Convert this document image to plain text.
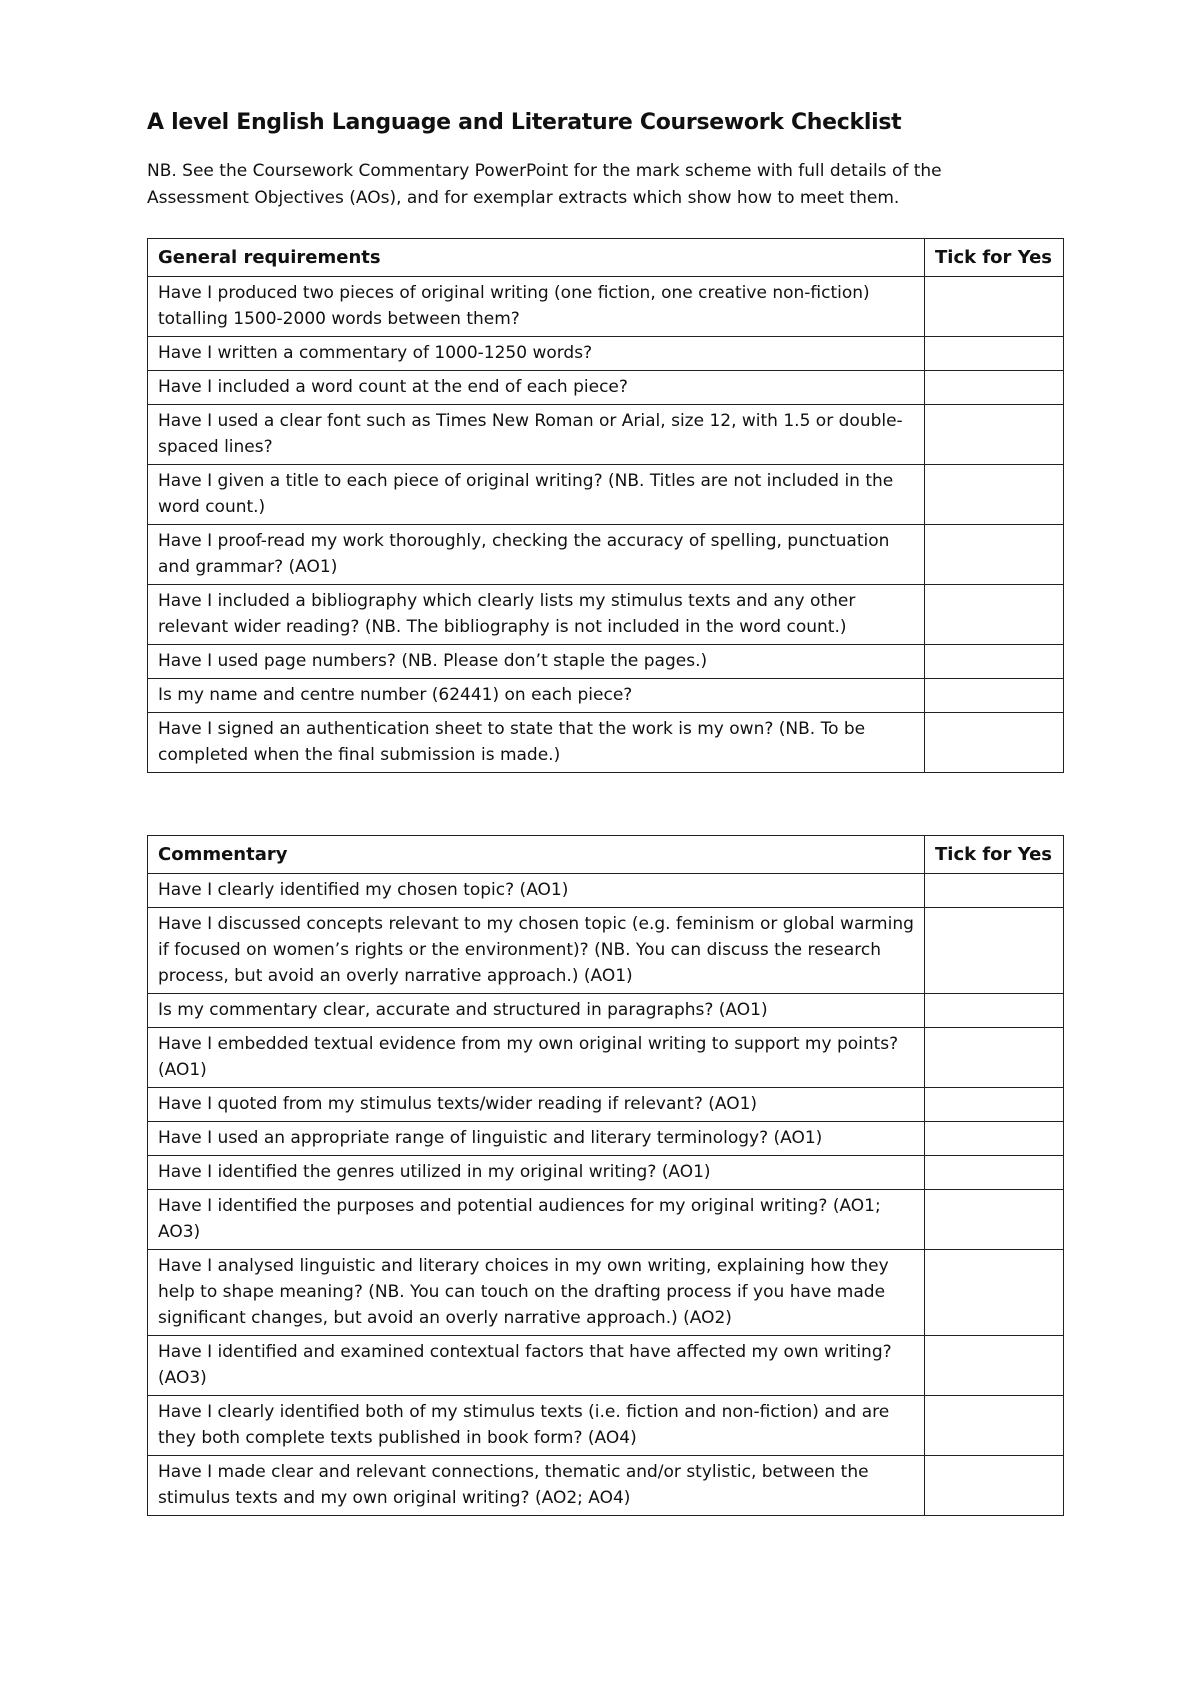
A level English Language and Literature Coursework Checklist
NB. See the Coursework Commentary PowerPoint for the mark scheme with full details of the Assessment Objectives (AOs), and for exemplar extracts which show how to meet them.
General requirements	Tick for Yes
Have I produced two pieces of original writing (one fiction, one creative non-fiction) totalling 1500-2000 words between them?	
Have I written a commentary of 1000-1250 words?	
Have I included a word count at the end of each piece?	
Have I used a clear font such as Times New Roman or Arial, size 12, with 1.5 or double-spaced lines?	
Have I given a title to each piece of original writing? (NB. Titles are not included in the word count.)	
Have I proof-read my work thoroughly, checking the accuracy of spelling, punctuation and grammar? (AO1)	
Have I included a bibliography which clearly lists my stimulus texts and any other relevant wider reading? (NB. The bibliography is not included in the word count.)	
Have I used page numbers? (NB. Please don’t staple the pages.)	
Is my name and centre number (62441) on each piece?	
Have I signed an authentication sheet to state that the work is my own? (NB. To be completed when the final submission is made.)	
Commentary	Tick for Yes
Have I clearly identified my chosen topic? (AO1)	
Have I discussed concepts relevant to my chosen topic (e.g. feminism or global warming if focused on women’s rights or the environment)? (NB. You can discuss the research process, but avoid an overly narrative approach.) (AO1)	
Is my commentary clear, accurate and structured in paragraphs? (AO1)	
Have I embedded textual evidence from my own original writing to support my points? (AO1)	
Have I quoted from my stimulus texts/wider reading if relevant? (AO1)	
Have I used an appropriate range of linguistic and literary terminology? (AO1)	
Have I identified the genres utilized in my original writing? (AO1)	
Have I identified the purposes and potential audiences for my original writing? (AO1; AO3)	
Have I analysed linguistic and literary choices in my own writing, explaining how they help to shape meaning? (NB. You can touch on the drafting process if you have made significant changes, but avoid an overly narrative approach.) (AO2)	
Have I identified and examined contextual factors that have affected my own writing? (AO3)	
Have I clearly identified both of my stimulus texts (i.e. fiction and non-fiction) and are they both complete texts published in book form? (AO4)	
Have I made clear and relevant connections, thematic and/or stylistic, between the stimulus texts and my own original writing? (AO2; AO4)	
